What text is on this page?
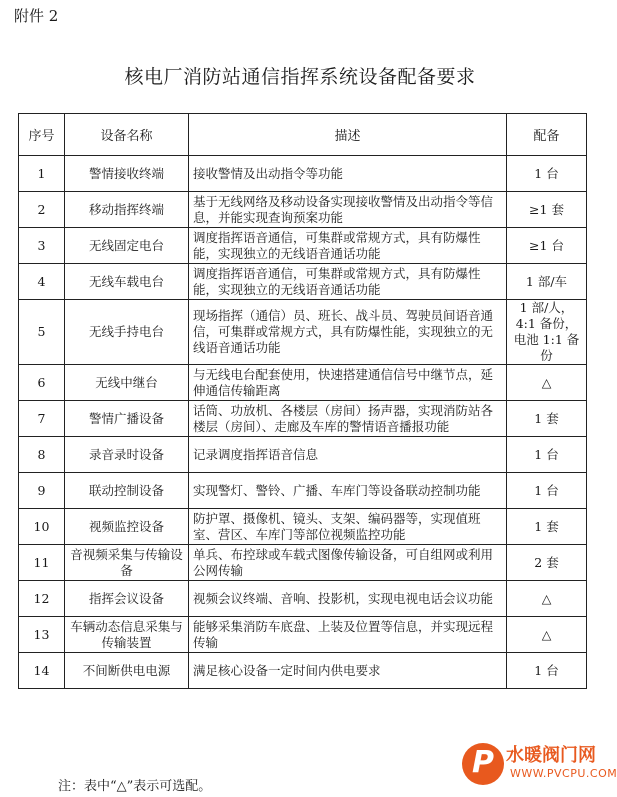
附件 2
核电厂消防站通信指挥系统设备配备要求
序号	设备名称	描述	配备
1	警情接收终端	接收警情及出动指令等功能	1 台
2	移动指挥终端	基于无线网络及移动设备实现接收警情及出动指令等信息，并能实现查询预案功能	≥1 套
3	无线固定电台	调度指挥语音通信，可集群或常规方式，具有防爆性能，实现独立的无线语音通话功能	≥1 台
4	无线车载电台	调度指挥语音通信，可集群或常规方式，具有防爆性能，实现独立的无线语音通话功能	1 部/车
5	无线手持电台	现场指挥（通信）员、班长、战斗员、驾驶员间语音通信，可集群或常规方式，具有防爆性能，实现独立的无线语音通话功能	1 部/人，4:1 备份，电池 1:1 备份
6	无线中继台	与无线电台配套使用，快速搭建通信信号中继节点，延伸通信传输距离	△
7	警情广播设备	话筒、功放机、各楼层（房间）扬声器，实现消防站各楼层（房间）、走廊及车库的警情语音播报功能	1 套
8	录音录时设备	记录调度指挥语音信息	1 台
9	联动控制设备	实现警灯、警铃、广播、车库门等设备联动控制功能	1 台
10	视频监控设备	防护罩、摄像机、镜头、支架、编码器等，实现值班室、营区、车库门等部位视频监控功能	1 套
11	音视频采集与传输设备	单兵、布控球或车载式图像传输设备，可自组网或利用公网传输	2 套
12	指挥会议设备	视频会议终端、音响、投影机，实现电视电话会议功能	△
13	车辆动态信息采集与传输装置	能够采集消防车底盘、上装及位置等信息，并实现远程传输	△
14	不间断供电电源	满足核心设备一定时间内供电要求	1 台
注：表中“△”表示可选配。
P 水暖阀门网
WWW.PVCPU.COM
